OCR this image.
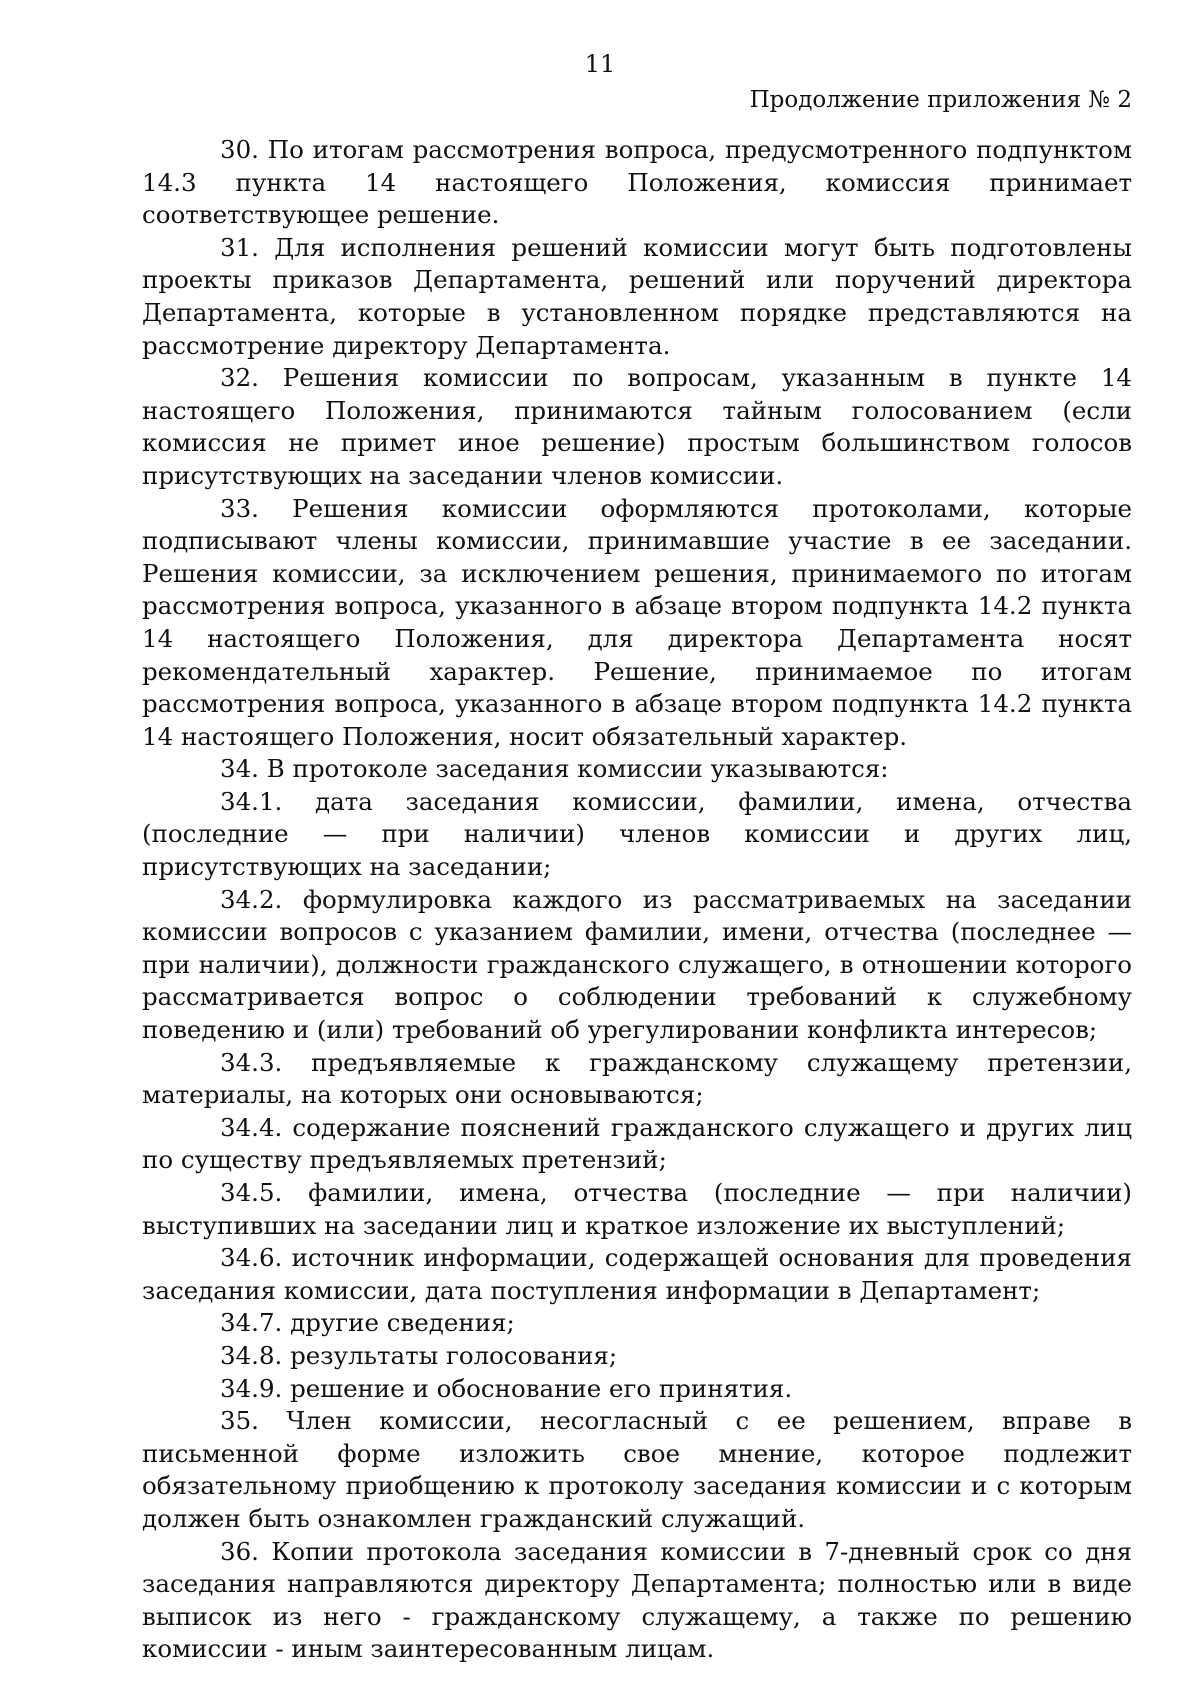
11
Продолжение приложения № 2

30. По итогам рассмотрения вопроса, предусмотренного подпунктом 14.3 пункта 14 настоящего Положения, комиссия принимает соответствующее решение.

31. Для исполнения решений комиссии могут быть подготовлены проекты приказов Департамента, решений или поручений директора Департамента, которые в установленном порядке представляются на рассмотрение директору Департамента.

32. Решения комиссии по вопросам, указанным в пункте 14 настоящего Положения, принимаются тайным голосованием (если комиссия не примет иное решение) простым большинством голосов присутствующих на заседании членов комиссии.

33. Решения комиссии оформляются протоколами, которые подписывают члены комиссии, принимавшие участие в ее заседании. Решения комиссии, за исключением решения, принимаемого по итогам рассмотрения вопроса, указанного в абзаце втором подпункта 14.2 пункта 14 настоящего Положения, для директора Департамента носят рекомендательный характер. Решение, принимаемое по итогам рассмотрения вопроса, указанного в абзаце втором подпункта 14.2 пункта 14 настоящего Положения, носит обязательный характер.

34. В протоколе заседания комиссии указываются:

34.1. дата заседания комиссии, фамилии, имена, отчества (последние — при наличии) членов комиссии и других лиц, присутствующих на заседании;

34.2. формулировка каждого из рассматриваемых на заседании комиссии вопросов с указанием фамилии, имени, отчества (последнее — при наличии), должности гражданского служащего, в отношении которого рассматривается вопрос о соблюдении требований к служебному поведению и (или) требований об урегулировании конфликта интересов;

34.3. предъявляемые к гражданскому служащему претензии, материалы, на которых они основываются;

34.4. содержание пояснений гражданского служащего и других лиц по существу предъявляемых претензий;

34.5. фамилии, имена, отчества (последние — при наличии) выступивших на заседании лиц и краткое изложение их выступлений;

34.6. источник информации, содержащей основания для проведения заседания комиссии, дата поступления информации в Департамент;

34.7. другие сведения;

34.8. результаты голосования;

34.9. решение и обоснование его принятия.

35. Член комиссии, несогласный с ее решением, вправе в письменной форме изложить свое мнение, которое подлежит обязательному приобщению к протоколу заседания комиссии и с которым должен быть ознакомлен гражданский служащий.

36. Копии протокола заседания комиссии в 7-дневный срок со дня заседания направляются директору Департамента; полностью или в виде выписок из него - гражданскому служащему, а также по решению комиссии - иным заинтересованным лицам.
